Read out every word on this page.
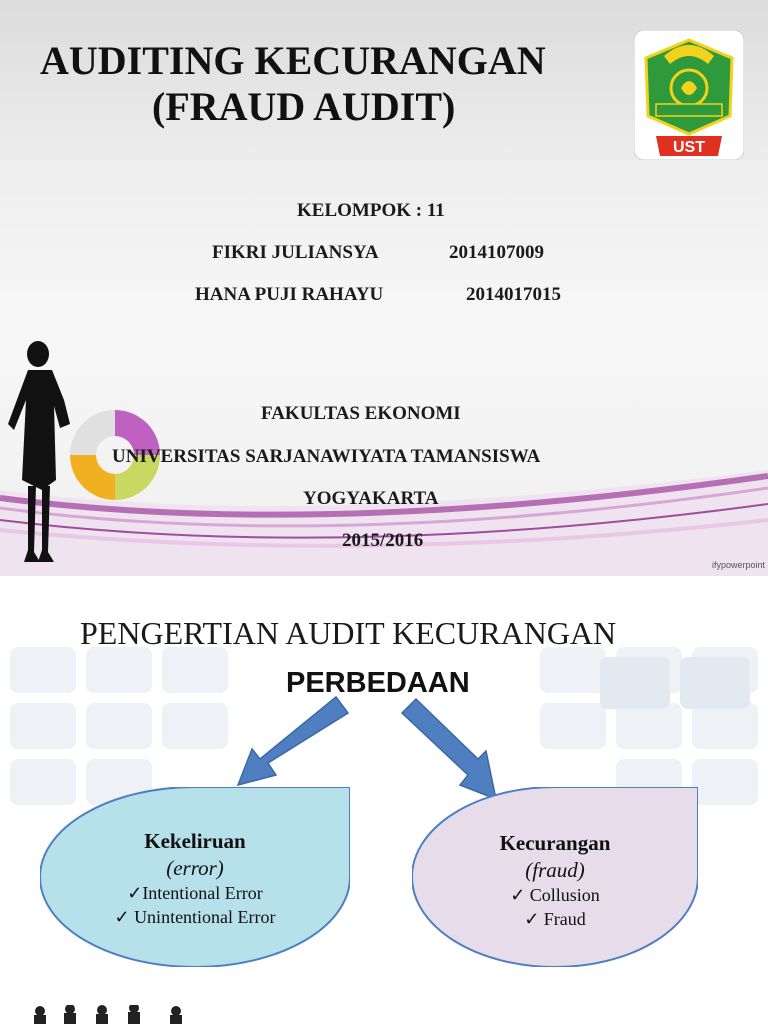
AUDITING KECURANGAN
(FRAUD AUDIT)
UST
KELOMPOK : 11
FIKRI JULIANSYA	2014107009
HANA PUJI RAHAYU	2014017015
FAKULTAS EKONOMI
UNIVERSITAS SARJANAWIYATA TAMANSISWA
YOGYAKARTA
2015/2016
ifypowerpoint
PENGERTIAN AUDIT KECURANGAN
PERBEDAAN
Kekeliruan
(error)
✓Intentional Error
✓ Unintentional Error
Kecurangan
(fraud)
✓ Collusion
✓ Fraud
